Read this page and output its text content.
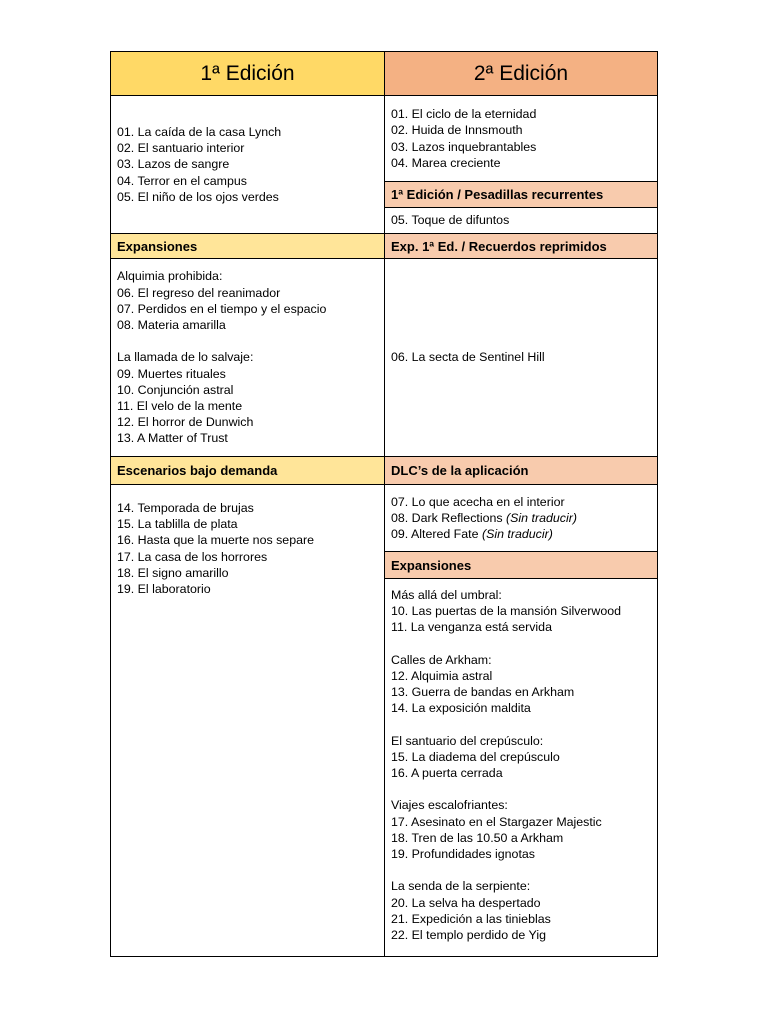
1ª Edición
01. La caída de la casa Lynch
02. El santuario interior
03. Lazos de sangre
04. Terror en el campus
05. El niño de los ojos verdes
Expansiones
Alquimia prohibida:
06. El regreso del reanimador
07. Perdidos en el tiempo y el espacio
08. Materia amarilla
La llamada de lo salvaje:
09. Muertes rituales
10. Conjunción astral
11. El velo de la mente
12. El horror de Dunwich
13. A Matter of Trust
Escenarios bajo demanda
14. Temporada de brujas
15. La tablilla de plata
16. Hasta que la muerte nos separe
17. La casa de los horrores
18. El signo amarillo
19. El laboratorio
2ª Edición
01. El ciclo de la eternidad
02. Huida de Innsmouth
03. Lazos inquebrantables
04. Marea creciente
1ª Edición / Pesadillas recurrentes
05. Toque de difuntos
Exp. 1ª Ed. / Recuerdos reprimidos
06. La secta de Sentinel Hill
DLC’s de la aplicación
07. Lo que acecha en el interior
08. Dark Reflections (Sin traducir)
09. Altered Fate (Sin traducir)
Expansiones
Más allá del umbral:
10. Las puertas de la mansión Silverwood
11. La venganza está servida
Calles de Arkham:
12. Alquimia astral
13. Guerra de bandas en Arkham
14. La exposición maldita
El santuario del crepúsculo:
15. La diadema del crepúsculo
16. A puerta cerrada
Viajes escalofriantes:
17. Asesinato en el Stargazer Majestic
18. Tren de las 10.50 a Arkham
19. Profundidades ignotas
La senda de la serpiente:
20. La selva ha despertado
21. Expedición a las tinieblas
22. El templo perdido de Yig
